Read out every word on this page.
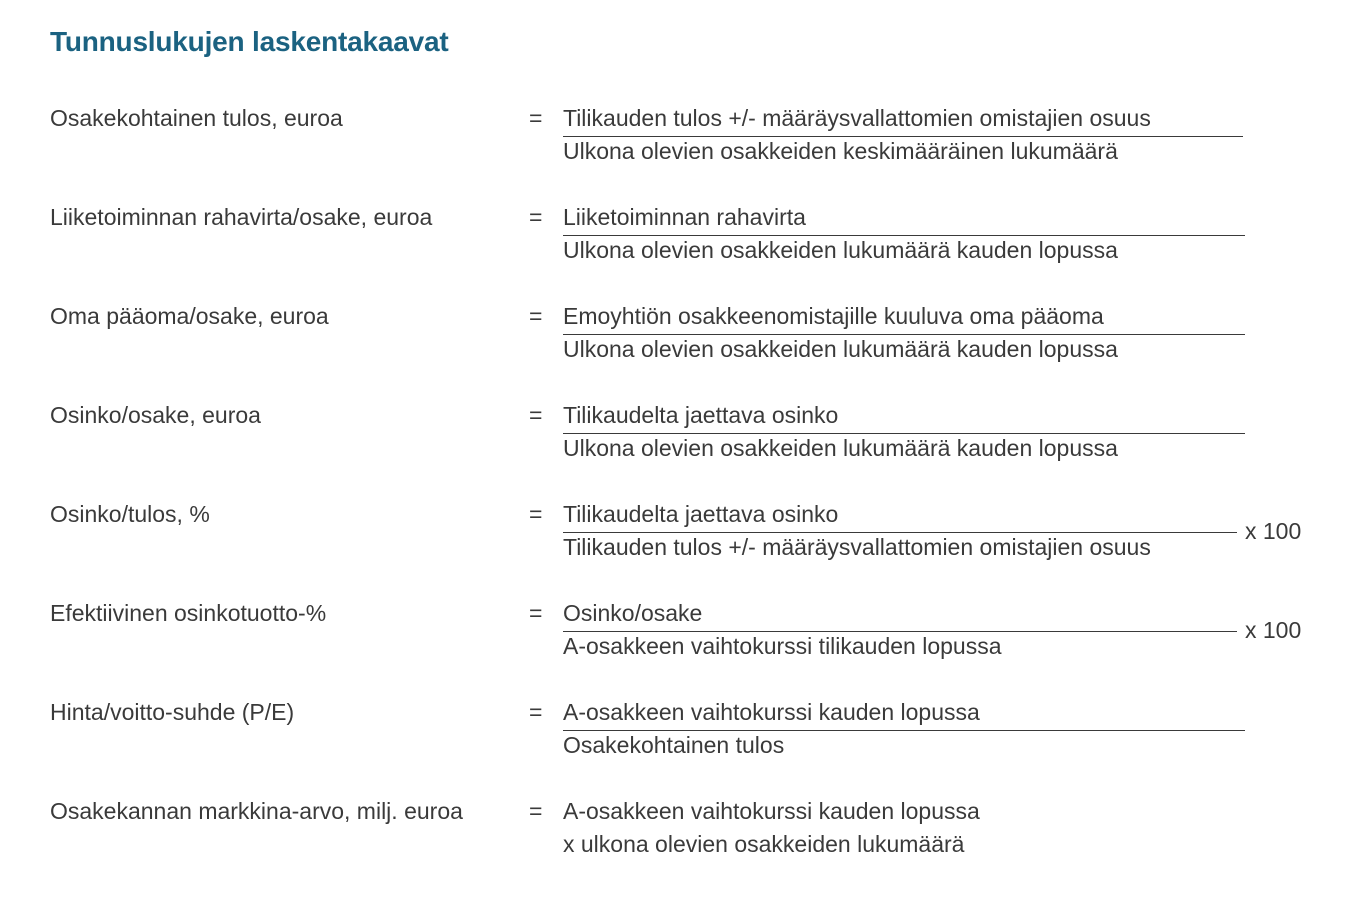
Tunnuslukujen laskentakaavat
Osakekohtainen tulos, euroa	= Tilikauden tulos +/- määräysvallattomien omistajien osuus
Ulkona olevien osakkeiden keskimääräinen lukumäärä
Liiketoiminnan rahavirta/osake, euroa	= Liiketoiminnan rahavirta
Ulkona olevien osakkeiden lukumäärä kauden lopussa
Oma pääoma/osake, euroa	= Emoyhtiön osakkeenomistajille kuuluva oma pääoma
Ulkona olevien osakkeiden lukumäärä kauden lopussa
Osinko/osake, euroa	= Tilikaudelta jaettava osinko
Ulkona olevien osakkeiden lukumäärä kauden lopussa
Osinko/tulos, %	= Tilikaudelta jaettava osinko
Tilikauden tulos +/- määräysvallattomien omistajien osuus
x 100
Efektiivinen osinkotuotto-%	= Osinko/osake
A-osakkeen vaihtokurssi tilikauden lopussa
x 100
Hinta/voitto-suhde (P/E)	= A-osakkeen vaihtokurssi kauden lopussa
Osakekohtainen tulos
Osakekannan markkina-arvo, milj. euroa	= A-osakkeen vaihtokurssi kauden lopussa
x ulkona olevien osakkeiden lukumäärä
